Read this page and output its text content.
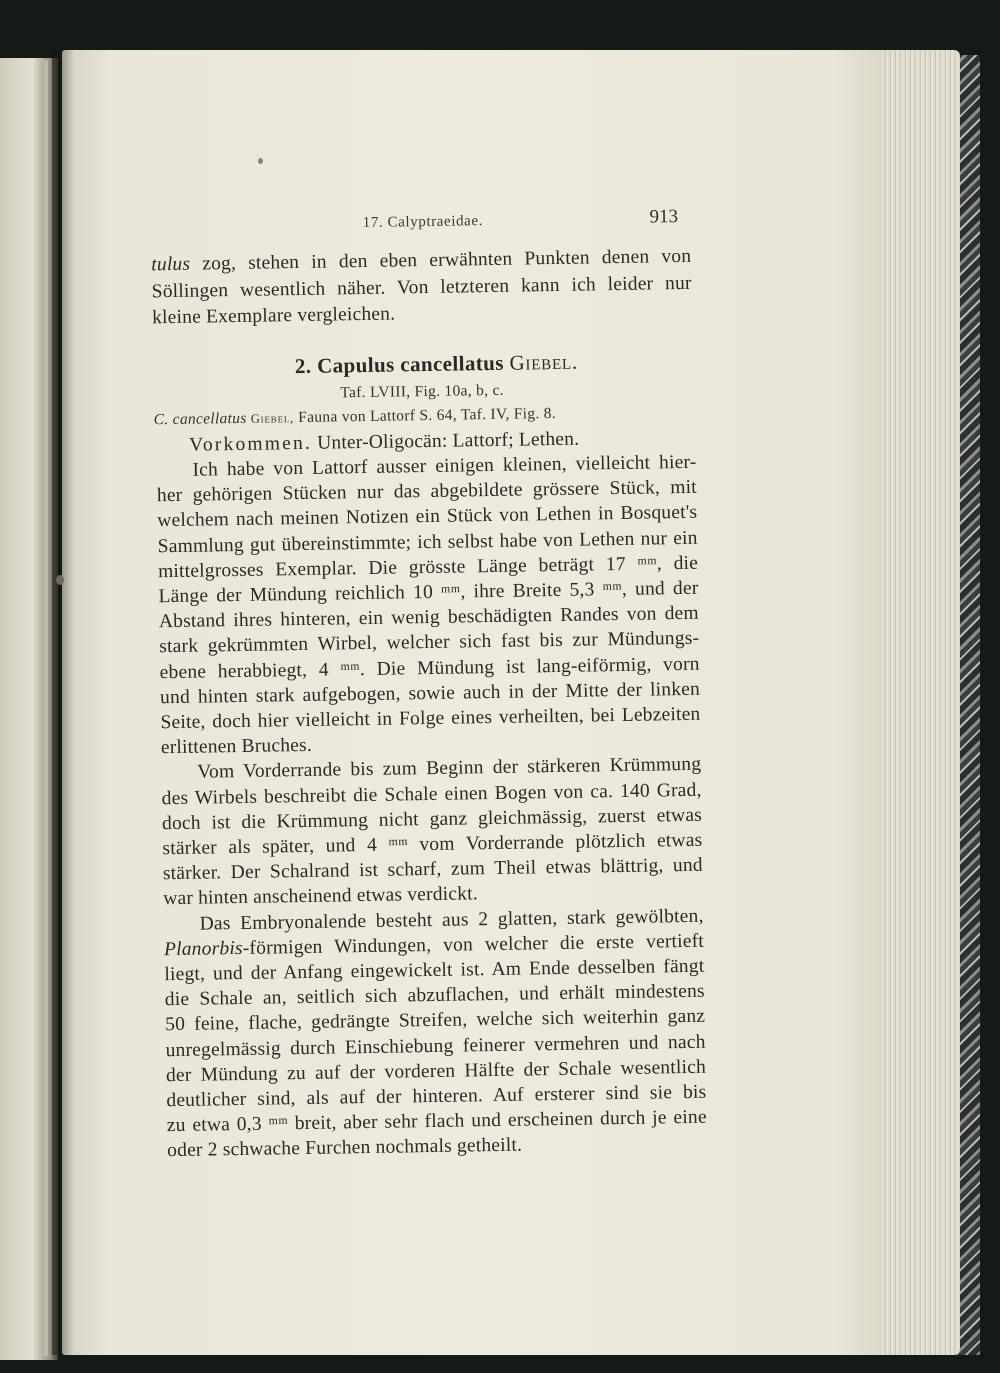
17. Calyptraeidae.	913
tulus zog, stehen in den eben erwähnten Punkten denen von
Söllingen wesentlich näher. Von letzteren kann ich leider nur
kleine Exemplare vergleichen.
2. Capulus cancellatus Giebel.
Taf. LVIII, Fig. 10a, b, c.
C. cancellatus Giebel, Fauna von Lattorf S. 64, Taf. IV, Fig. 8.
Vorkommen. Unter-Oligocän: Lattorf; Lethen.
Ich habe von Lattorf ausser einigen kleinen, vielleicht hier-
her gehörigen Stücken nur das abgebildete grössere Stück, mit
welchem nach meinen Notizen ein Stück von Lethen in Bosquet's
Sammlung gut übereinstimmte; ich selbst habe von Lethen nur ein
mittelgrosses Exemplar. Die grösste Länge beträgt 17 ᵐᵐ, die
Länge der Mündung reichlich 10 ᵐᵐ, ihre Breite 5,3 ᵐᵐ, und der
Abstand ihres hinteren, ein wenig beschädigten Randes von dem
stark gekrümmten Wirbel, welcher sich fast bis zur Mündungs-
ebene herabbiegt, 4 ᵐᵐ. Die Mündung ist lang-eiförmig, vorn
und hinten stark aufgebogen, sowie auch in der Mitte der linken
Seite, doch hier vielleicht in Folge eines verheilten, bei Lebzeiten
erlittenen Bruches.
Vom Vorderrande bis zum Beginn der stärkeren Krümmung
des Wirbels beschreibt die Schale einen Bogen von ca. 140 Grad,
doch ist die Krümmung nicht ganz gleichmässig, zuerst etwas
stärker als später, und 4 ᵐᵐ vom Vorderrande plötzlich etwas
stärker. Der Schalrand ist scharf, zum Theil etwas blättrig, und
war hinten anscheinend etwas verdickt.
Das Embryonalende besteht aus 2 glatten, stark gewölbten,
Planorbis-förmigen Windungen, von welcher die erste vertieft
liegt, und der Anfang eingewickelt ist. Am Ende desselben fängt
die Schale an, seitlich sich abzuflachen, und erhält mindestens
50 feine, flache, gedrängte Streifen, welche sich weiterhin ganz
unregelmässig durch Einschiebung feinerer vermehren und nach
der Mündung zu auf der vorderen Hälfte der Schale wesentlich
deutlicher sind, als auf der hinteren. Auf ersterer sind sie bis
zu etwa 0,3 ᵐᵐ breit, aber sehr flach und erscheinen durch je eine
oder 2 schwache Furchen nochmals getheilt.
